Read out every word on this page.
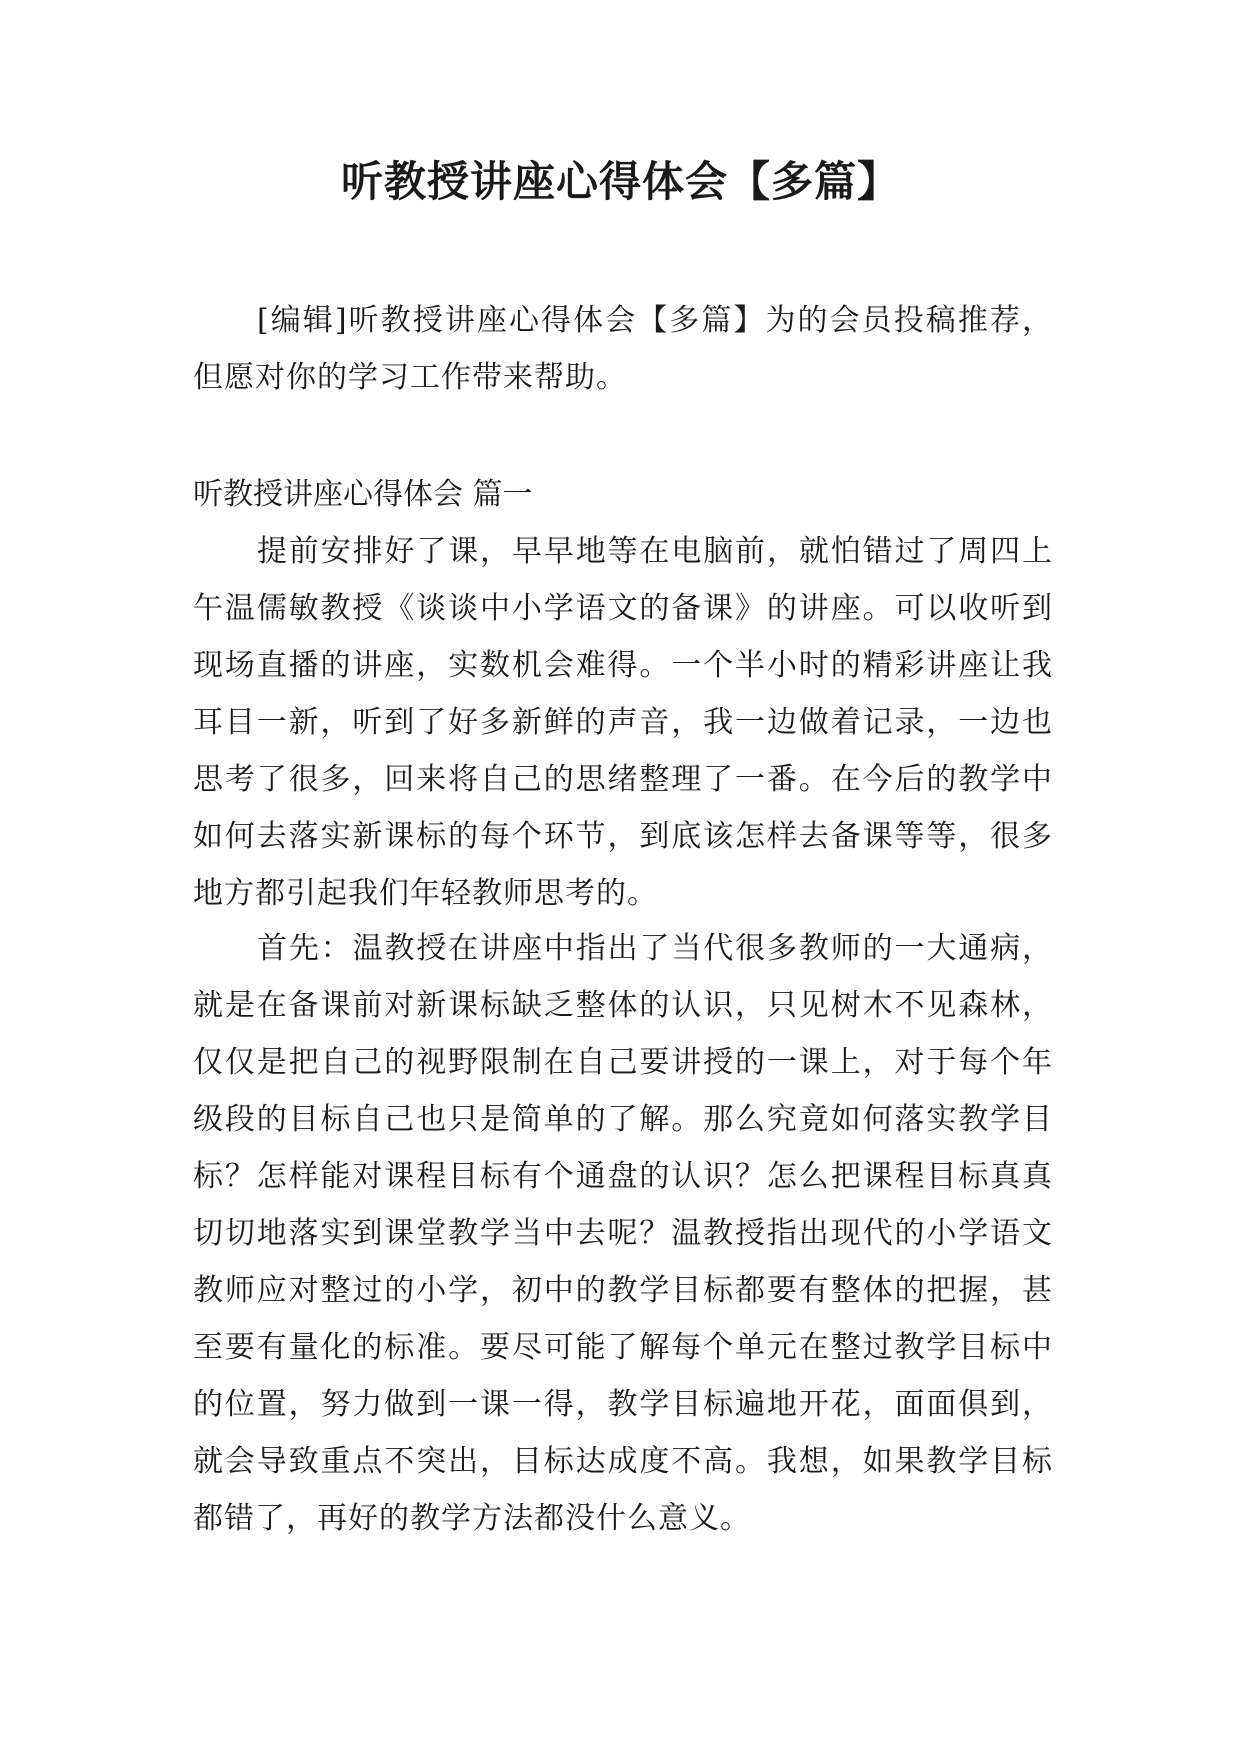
听教授讲座心得体会【多篇】

[编辑]听教授讲座心得体会【多篇】为的会员投稿推荐，但愿对你的学习工作带来帮助。

听教授讲座心得体会 篇一

提前安排好了课，早早地等在电脑前，就怕错过了周四上午温儒敏教授《谈谈中小学语文的备课》的讲座。可以收听到现场直播的讲座，实数机会难得。一个半小时的精彩讲座让我耳目一新，听到了好多新鲜的声音，我一边做着记录，一边也思考了很多，回来将自己的思绪整理了一番。在今后的教学中如何去落实新课标的每个环节，到底该怎样去备课等等，很多地方都引起我们年轻教师思考的。

首先：温教授在讲座中指出了当代很多教师的一大通病，就是在备课前对新课标缺乏整体的认识，只见树木不见森林，仅仅是把自己的视野限制在自己要讲授的一课上，对于每个年级段的目标自己也只是简单的了解。那么究竟如何落实教学目标？怎样能对课程目标有个通盘的认识？怎么把课程目标真真切切地落实到课堂教学当中去呢？温教授指出现代的小学语文教师应对整过的小学，初中的教学目标都要有整体的把握，甚至要有量化的标准。要尽可能了解每个单元在整过教学目标中的位置，努力做到一课一得，教学目标遍地开花，面面俱到，就会导致重点不突出，目标达成度不高。我想，如果教学目标都错了，再好的教学方法都没什么意义。
